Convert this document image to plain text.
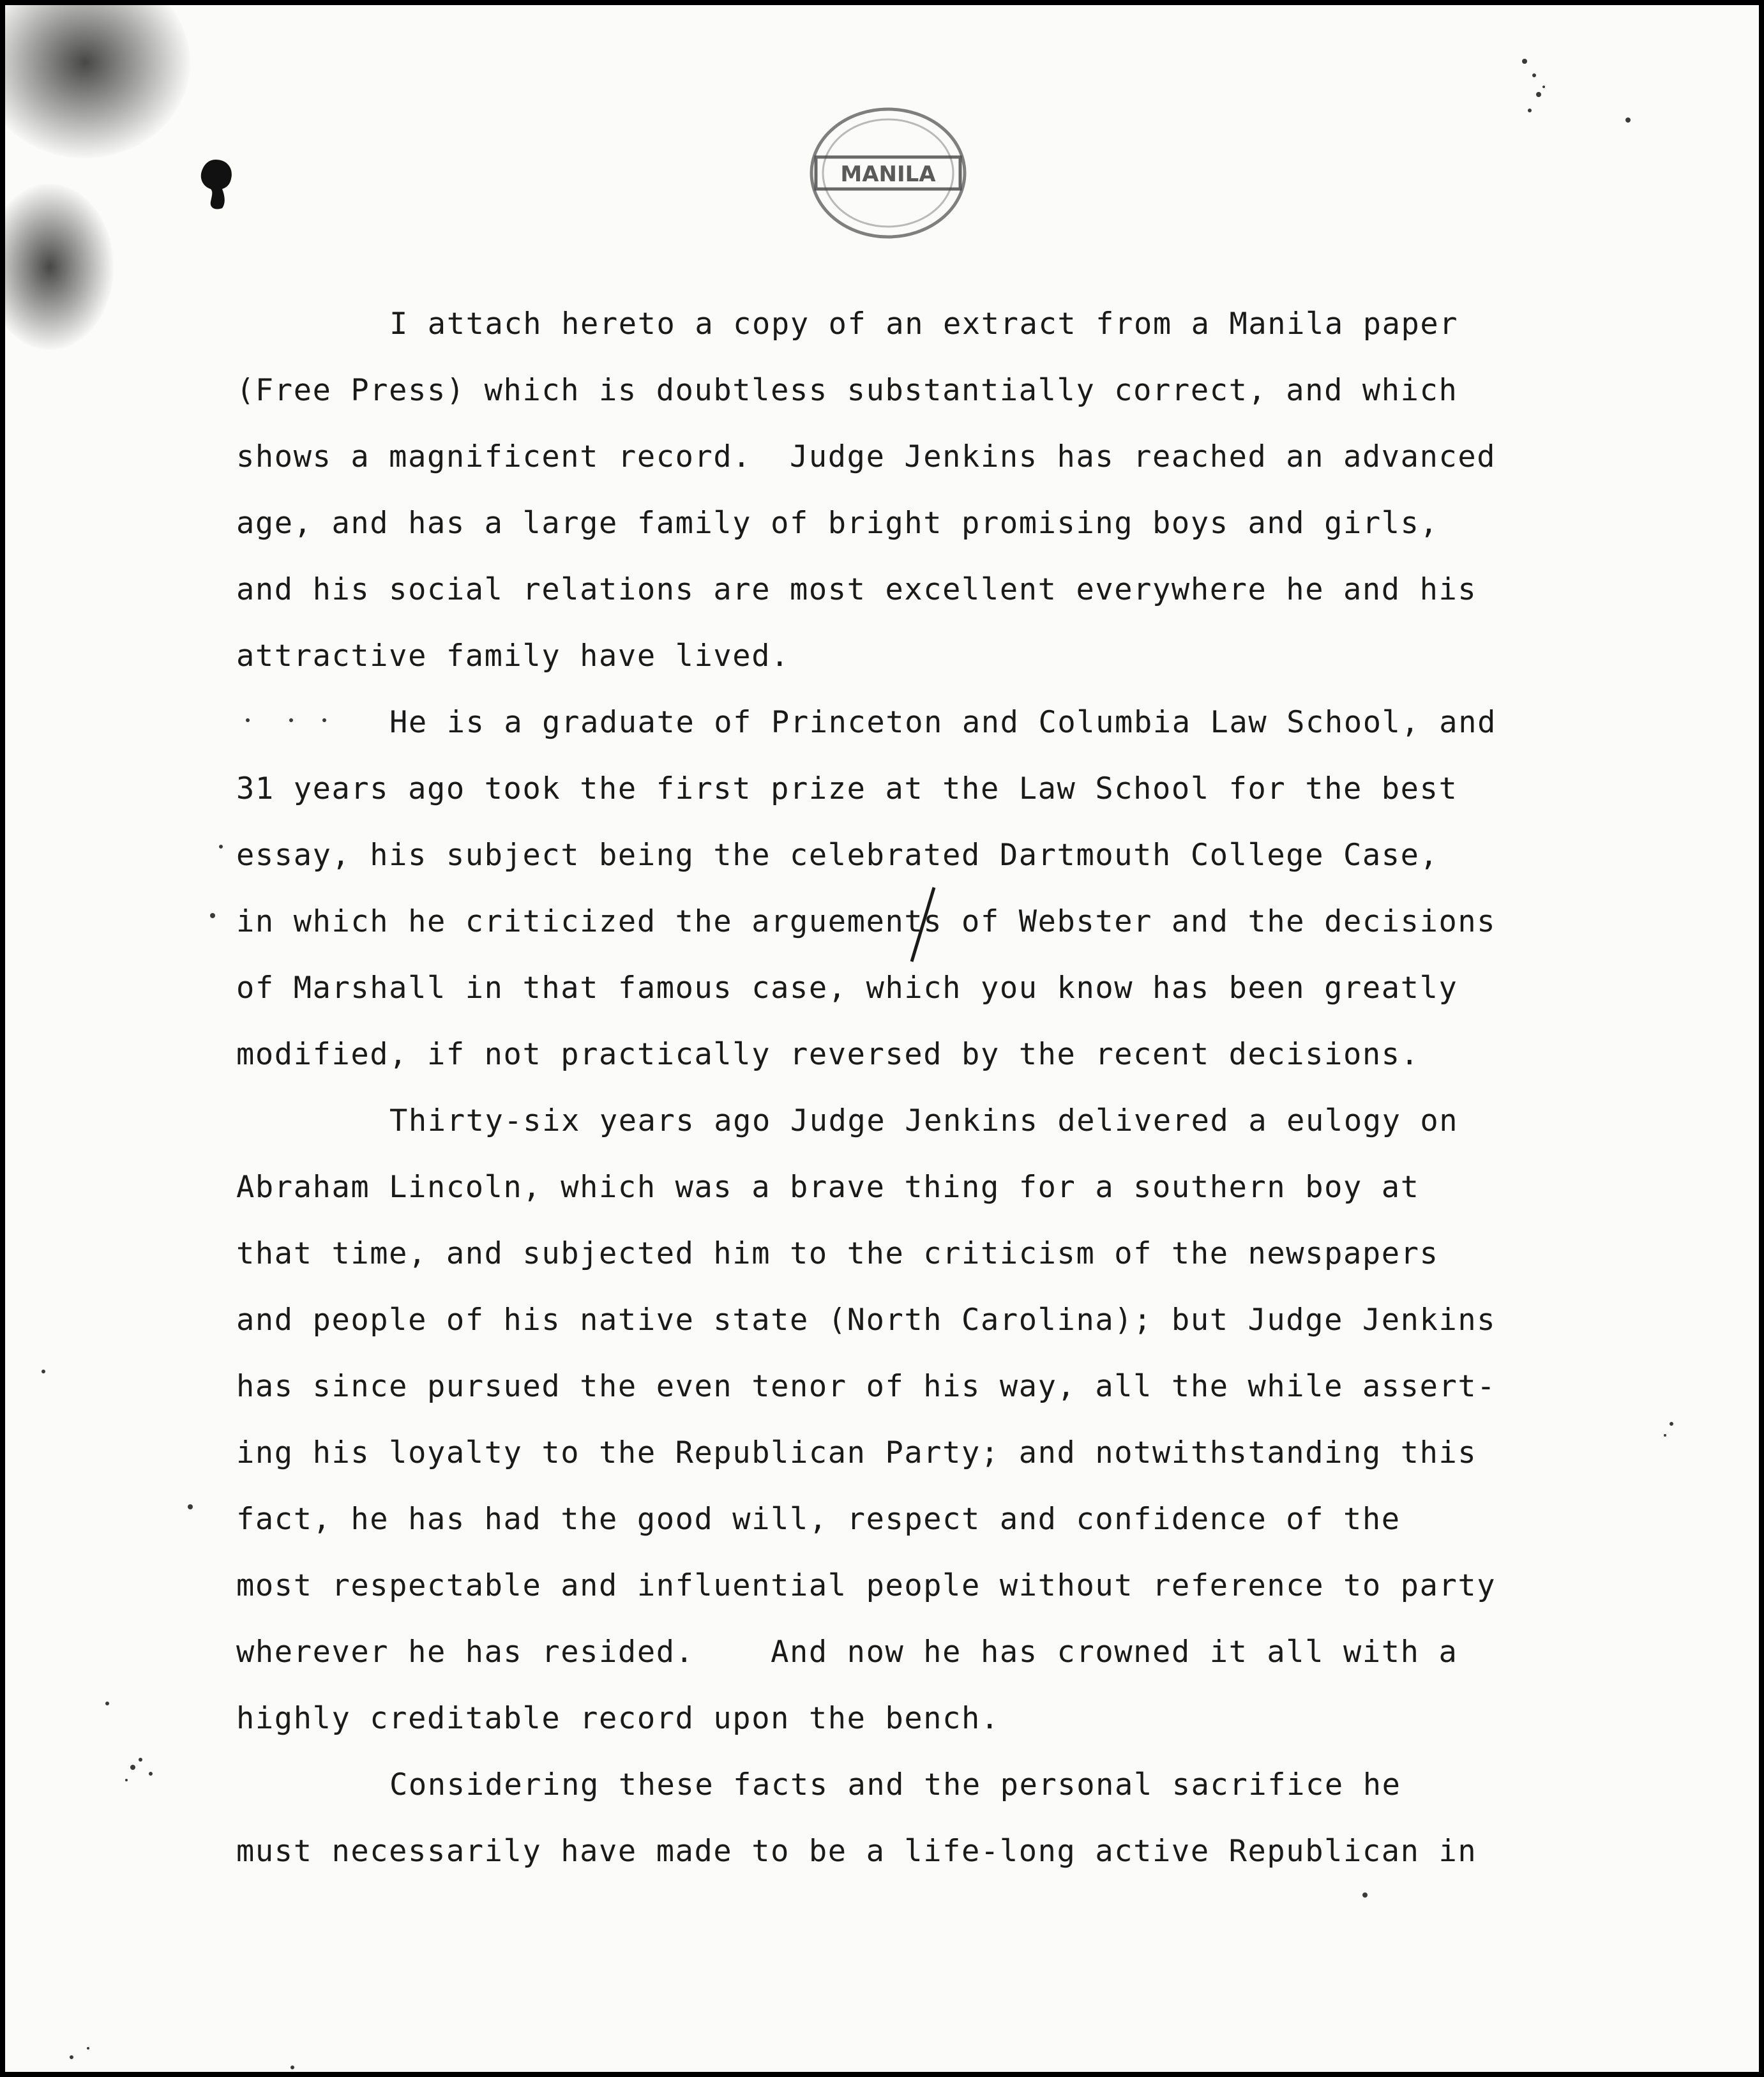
MANILA
I attach hereto a copy of an extract from a Manila paper
(Free Press) which is doubtless substantially correct, and which
shows a magnificent record.  Judge Jenkins has reached an advanced
age, and has a large family of bright promising boys and girls,
and his social relations are most excellent everywhere he and his
attractive family have lived.
He is a graduate of Princeton and Columbia Law School, and
31 years ago took the first prize at the Law School for the best
essay, his subject being the celebrated Dartmouth College Case,
in which he criticized the arguements of Webster and the decisions
of Marshall in that famous case, which you know has been greatly
modified, if not practically reversed by the recent decisions.
Thirty-six years ago Judge Jenkins delivered a eulogy on
Abraham Lincoln, which was a brave thing for a southern boy at
that time, and subjected him to the criticism of the newspapers
and people of his native state (North Carolina); but Judge Jenkins
has since pursued the even tenor of his way, all the while assert-
ing his loyalty to the Republican Party; and notwithstanding this
fact, he has had the good will, respect and confidence of the
most respectable and influential people without reference to party
wherever he has resided.    And now he has crowned it all with a
highly creditable record upon the bench.
Considering these facts and the personal sacrifice he
must necessarily have made to be a life-long active Republican in
